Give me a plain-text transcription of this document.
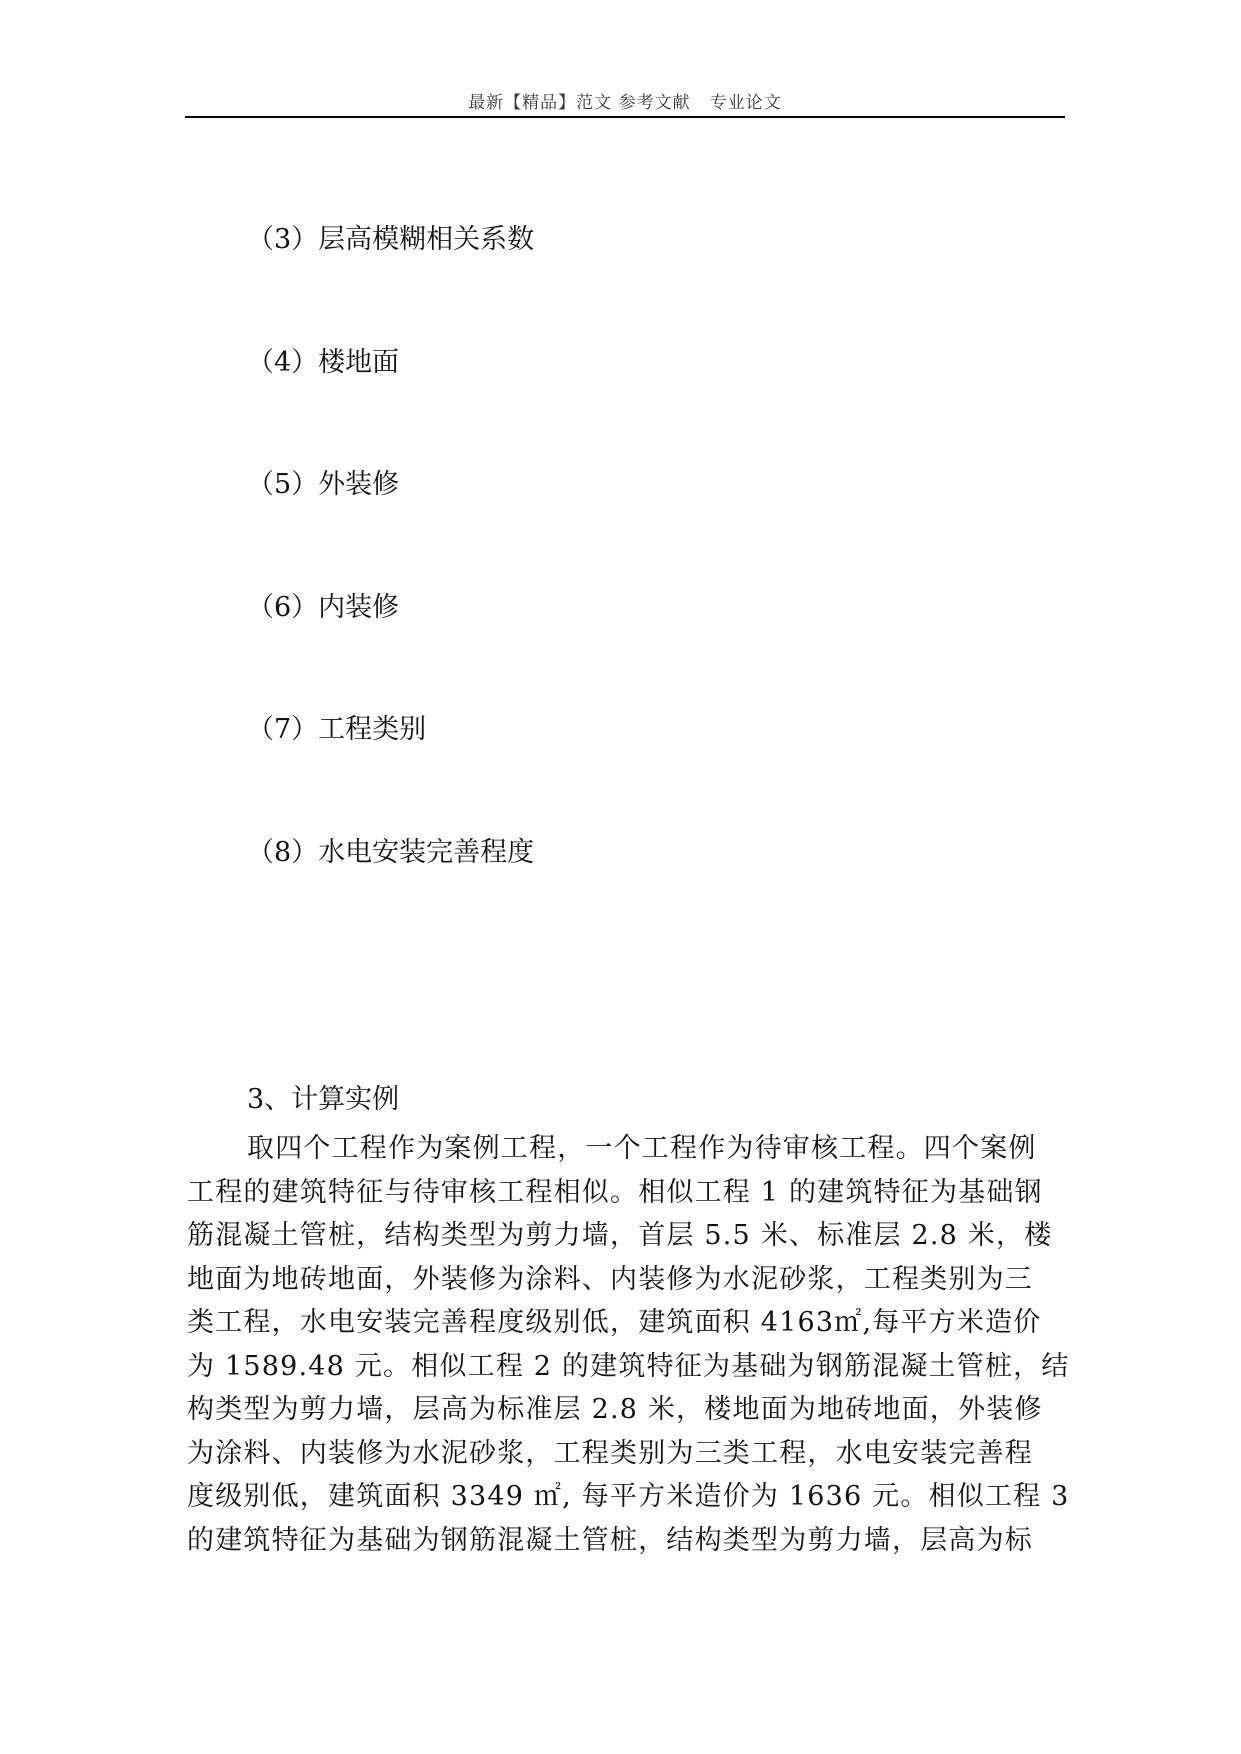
最新【精品】范文 参考文献   专业论文
（3）层高模糊相关系数
（4）楼地面
（5）外装修
（6）内装修
（7）工程类别
（8）水电安装完善程度
3、计算实例
取四个工程作为案例工程，一个工程作为待审核工程。四个案例
工程的建筑特征与待审核工程相似。相似工程 1 的建筑特征为基础钢
筋混凝土管桩，结构类型为剪力墙，首层 5.5 米、标准层 2.8 米，楼
地面为地砖地面，外装修为涂料、内装修为水泥砂浆，工程类别为三
类工程，水电安装完善程度级别低，建筑面积 4163㎡,每平方米造价
为 1589.48 元。相似工程 2 的建筑特征为基础为钢筋混凝土管桩，结
构类型为剪力墙，层高为标准层 2.8 米，楼地面为地砖地面，外装修
为涂料、内装修为水泥砂浆，工程类别为三类工程，水电安装完善程
度级别低，建筑面积 3349 ㎡, 每平方米造价为 1636 元。相似工程 3
的建筑特征为基础为钢筋混凝土管桩，结构类型为剪力墙，层高为标
